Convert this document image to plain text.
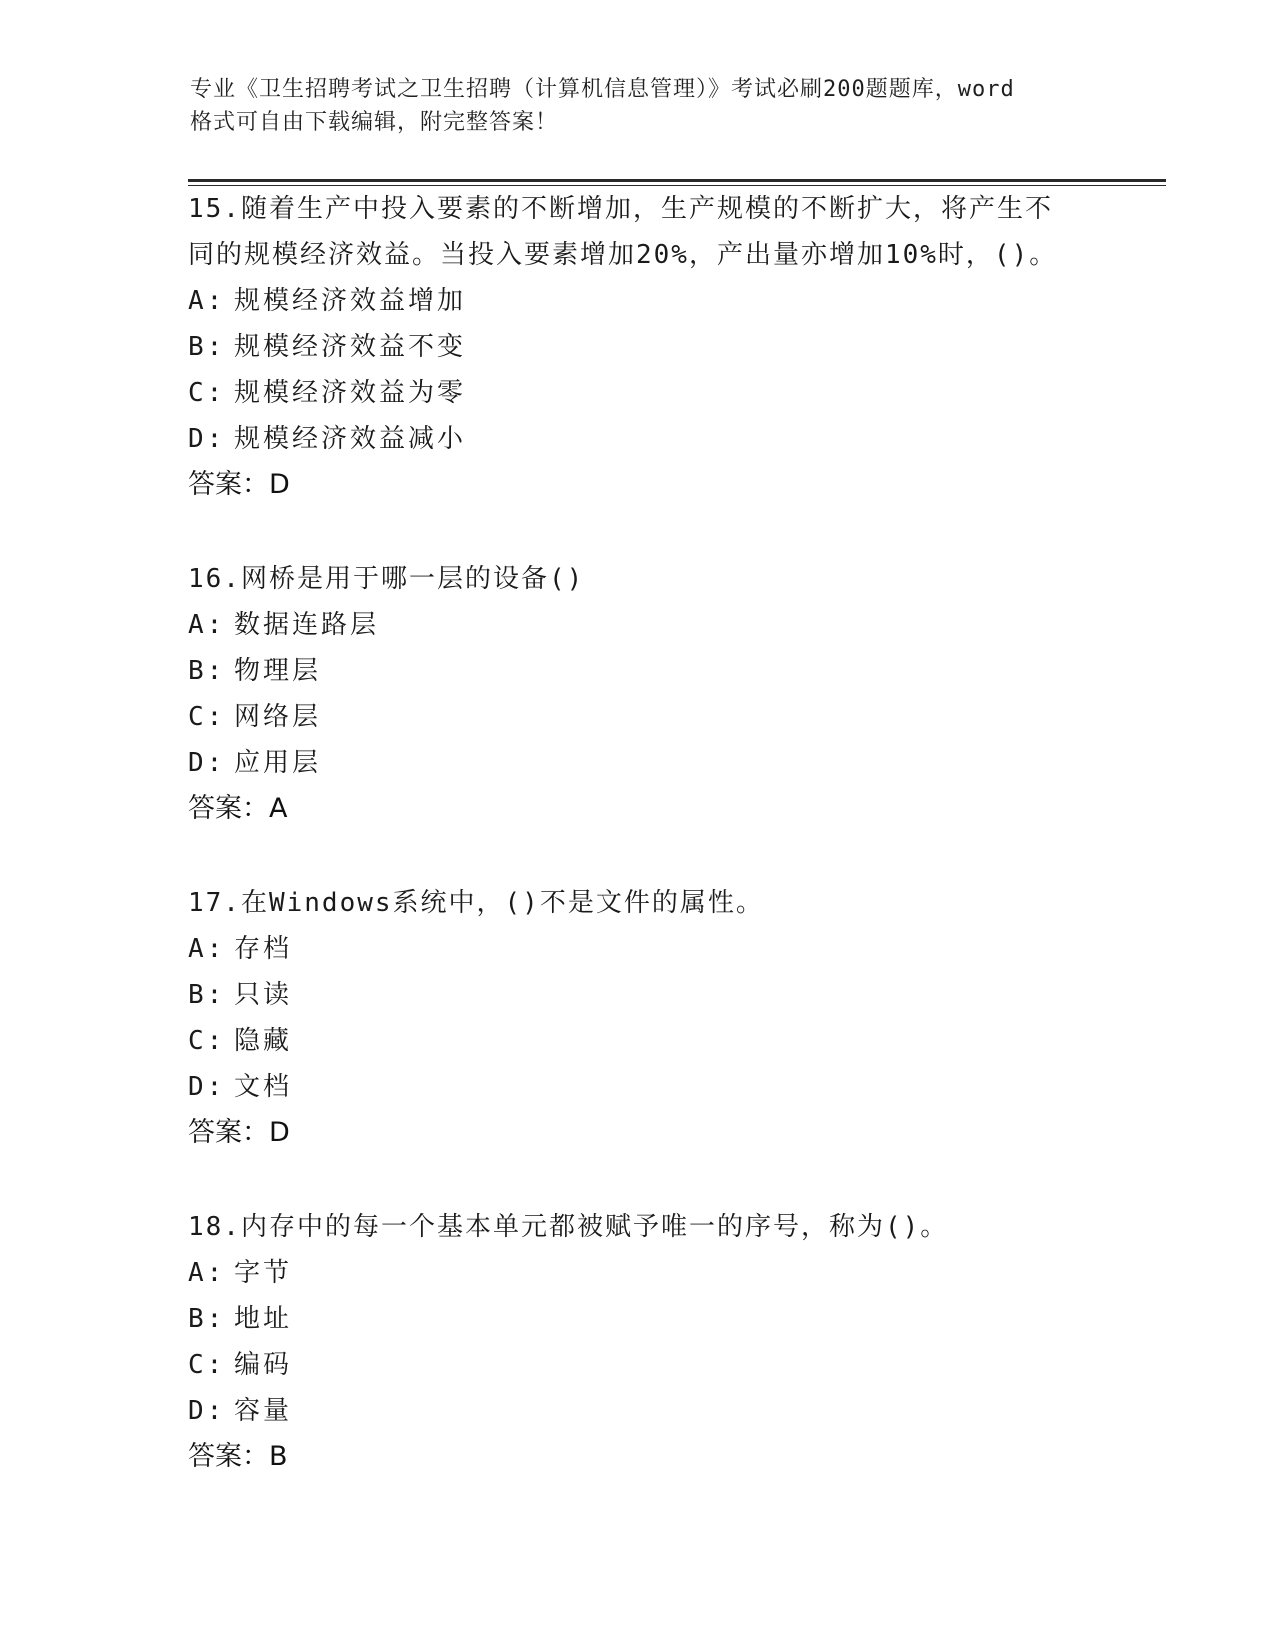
专业《卫生招聘考试之卫生招聘（计算机信息管理）》考试必刷200题题库，word
格式可自由下载编辑，附完整答案！
15.随着生产中投入要素的不断增加，生产规模的不断扩大，将产生不
同的规模经济效益。当投入要素增加20%，产出量亦增加10%时，()。
A: 规模经济效益增加
B: 规模经济效益不变
C: 规模经济效益为零
D: 规模经济效益减小
答案：D
16.网桥是用于哪一层的设备()
A: 数据连路层
B: 物理层
C: 网络层
D: 应用层
答案：A
17.在Windows系统中，()不是文件的属性。
A: 存档
B: 只读
C: 隐藏
D: 文档
答案：D
18.内存中的每一个基本单元都被赋予唯一的序号，称为()。
A: 字节
B: 地址
C: 编码
D: 容量
答案：B
